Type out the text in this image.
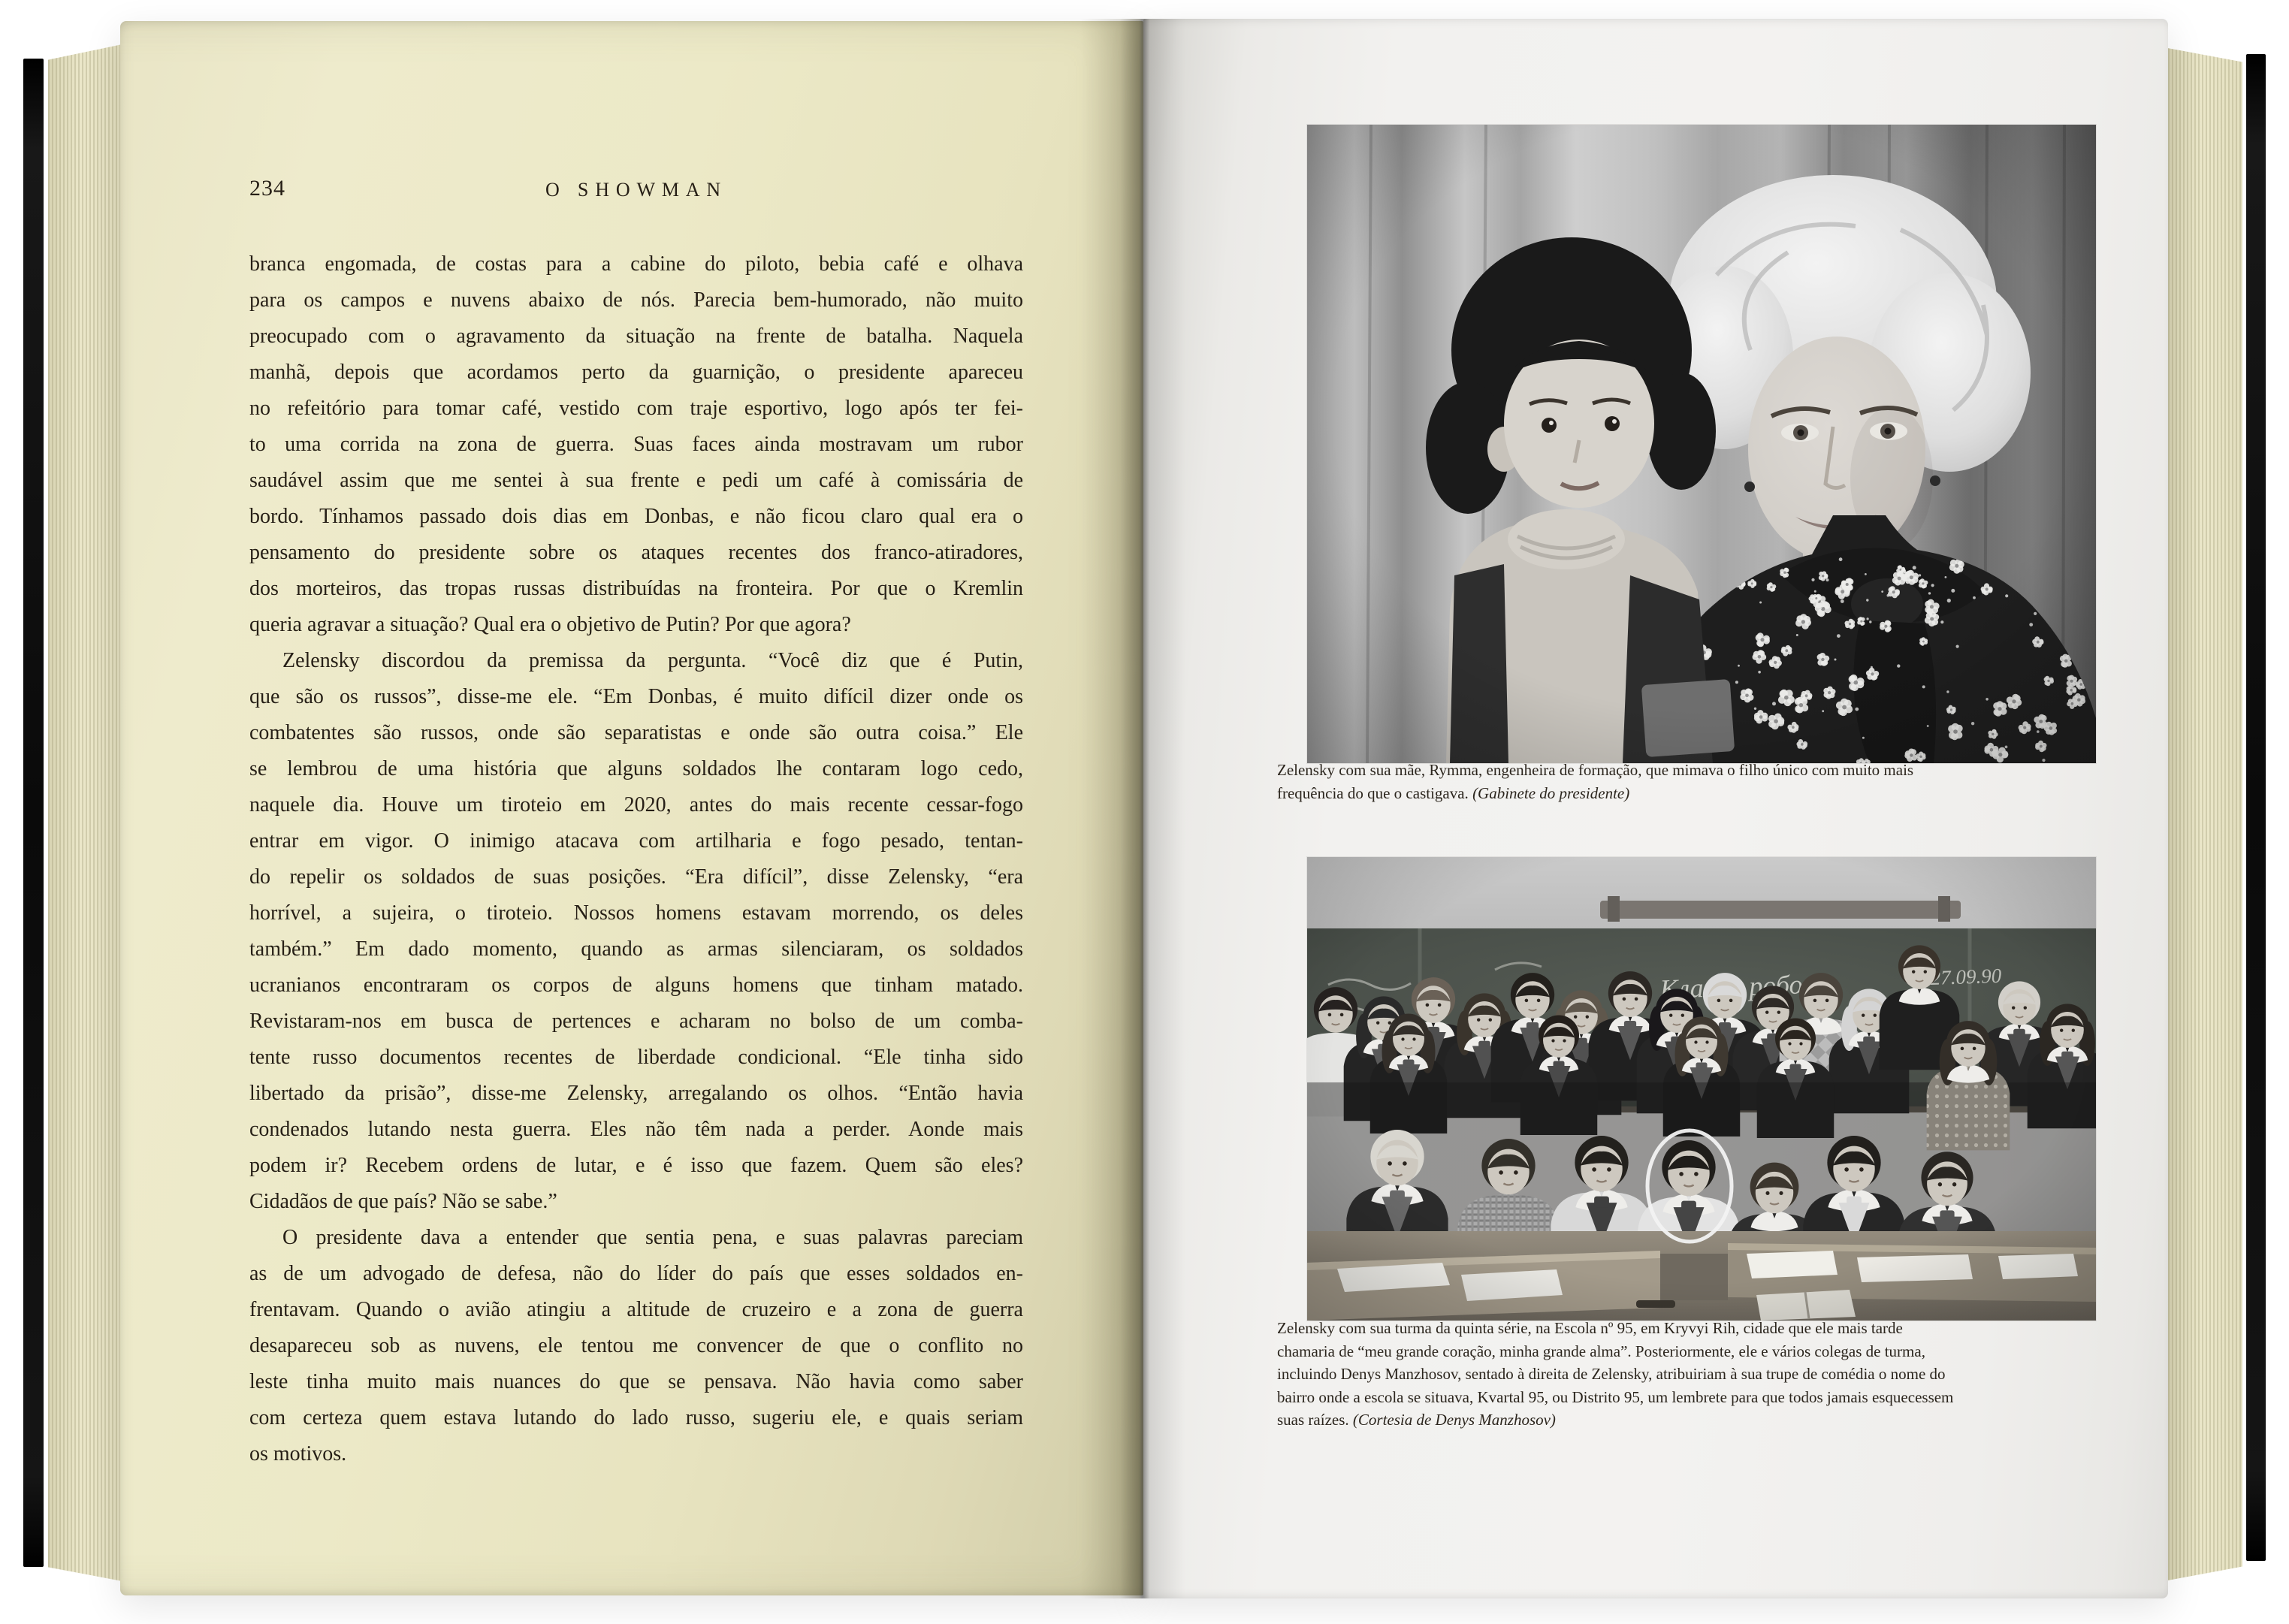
234	O SHOWMAN
branca engomada, de costas para a cabine do piloto, bebia café e olhava
para os campos e nuvens abaixo de nós. Parecia bem-humorado, não muito
preocupado com o agravamento da situação na frente de batalha. Naquela
manhã, depois que acordamos perto da guarnição, o presidente apareceu
no refeitório para tomar café, vestido com traje esportivo, logo após ter fei-
to uma corrida na zona de guerra. Suas faces ainda mostravam um rubor
saudável assim que me sentei à sua frente e pedi um café à comissária de
bordo. Tínhamos passado dois dias em Donbas, e não ficou claro qual era o
pensamento do presidente sobre os ataques recentes dos franco-atiradores,
dos morteiros, das tropas russas distribuídas na fronteira. Por que o Kremlin
queria agravar a situação? Qual era o objetivo de Putin? Por que agora?
Zelensky discordou da premissa da pergunta. “Você diz que é Putin,
que são os russos”, disse-me ele. “Em Donbas, é muito difícil dizer onde os
combatentes são russos, onde são separatistas e onde são outra coisa.” Ele
se lembrou de uma história que alguns soldados lhe contaram logo cedo,
naquele dia. Houve um tiroteio em 2020, antes do mais recente cessar-fogo
entrar em vigor. O inimigo atacava com artilharia e fogo pesado, tentan-
do repelir os soldados de suas posições. “Era difícil”, disse Zelensky, “era
horrível, a sujeira, o tiroteio. Nossos homens estavam morrendo, os deles
também.” Em dado momento, quando as armas silenciaram, os soldados
ucranianos encontraram os corpos de alguns homens que tinham matado.
Revistaram-nos em busca de pertences e acharam no bolso de um comba-
tente russo documentos recentes de liberdade condicional. “Ele tinha sido
libertado da prisão”, disse-me Zelensky, arregalando os olhos. “Então havia
condenados lutando nesta guerra. Eles não têm nada a perder. Aonde mais
podem ir? Recebem ordens de lutar, e é isso que fazem. Quem são eles?
Cidadãos de que país? Não se sabe.”
O presidente dava a entender que sentia pena, e suas palavras pareciam
as de um advogado de defesa, não do líder do país que esses soldados en-
frentavam. Quando o avião atingiu a altitude de cruzeiro e a zona de guerra
desapareceu sob as nuvens, ele tentou me convencer de que o conflito no
leste tinha muito mais nuances do que se pensava. Não havia como saber
com certeza quem estava lutando do lado russo, sugeriu ele, e quais seriam
os motivos.

Zelensky com sua mãe, Rymma, engenheira de formação, que mimava o filho único com muito mais
frequência do que o castigava. (Gabinete do presidente)

Zelensky com sua turma da quinta série, na Escola nº 95, em Kryvyi Rih, cidade que ele mais tarde
chamaria de “meu grande coração, minha grande alma”. Posteriormente, ele e vários colegas de turma,
incluindo Denys Manzhosov, sentado à direita de Zelensky, atribuiriam à sua trupe de comédia o nome do
bairro onde a escola se situava, Kvartal 95, ou Distrito 95, um lembrete para que todos jamais esquecessem
suas raízes. (Cortesia de Denys Manzhosov)
